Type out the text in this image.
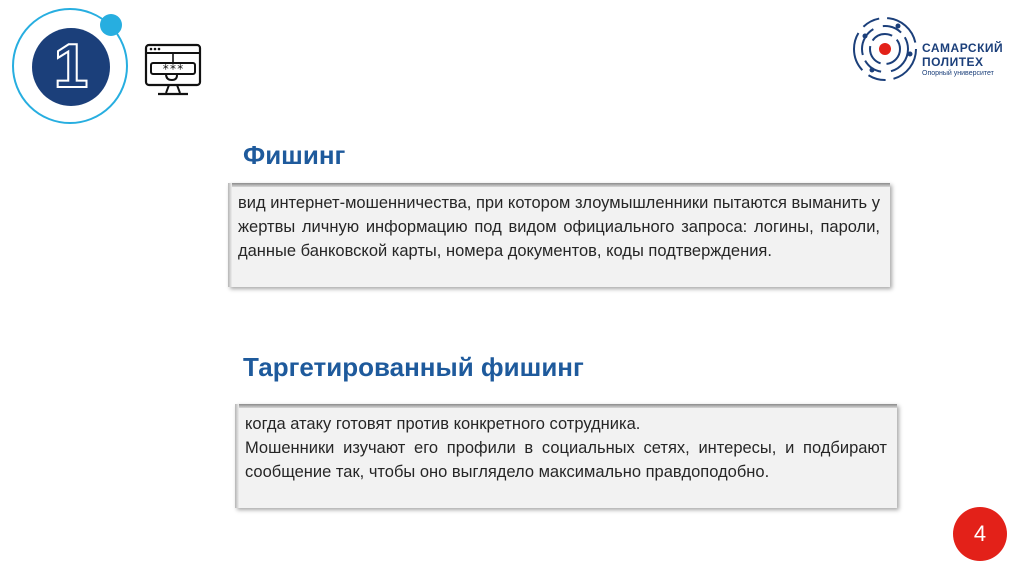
1	***
САМАРСКИЙ
ПОЛИТЕХ
Опорный университет
Фишинг
вид интернет-мошенничества, при котором злоумышленники пытаются выманить у жертвы личную информацию под видом официального запроса: логины, пароли, данные банковской карты, номера документов, коды подтверждения.
Таргетированный фишинг

когда атаку готовят против конкретного сотрудника.

Мошенники изучают его профили в социальных сетях, интересы, и подбирают сообщение так, чтобы оно выглядело максимально правдоподобно.

4
